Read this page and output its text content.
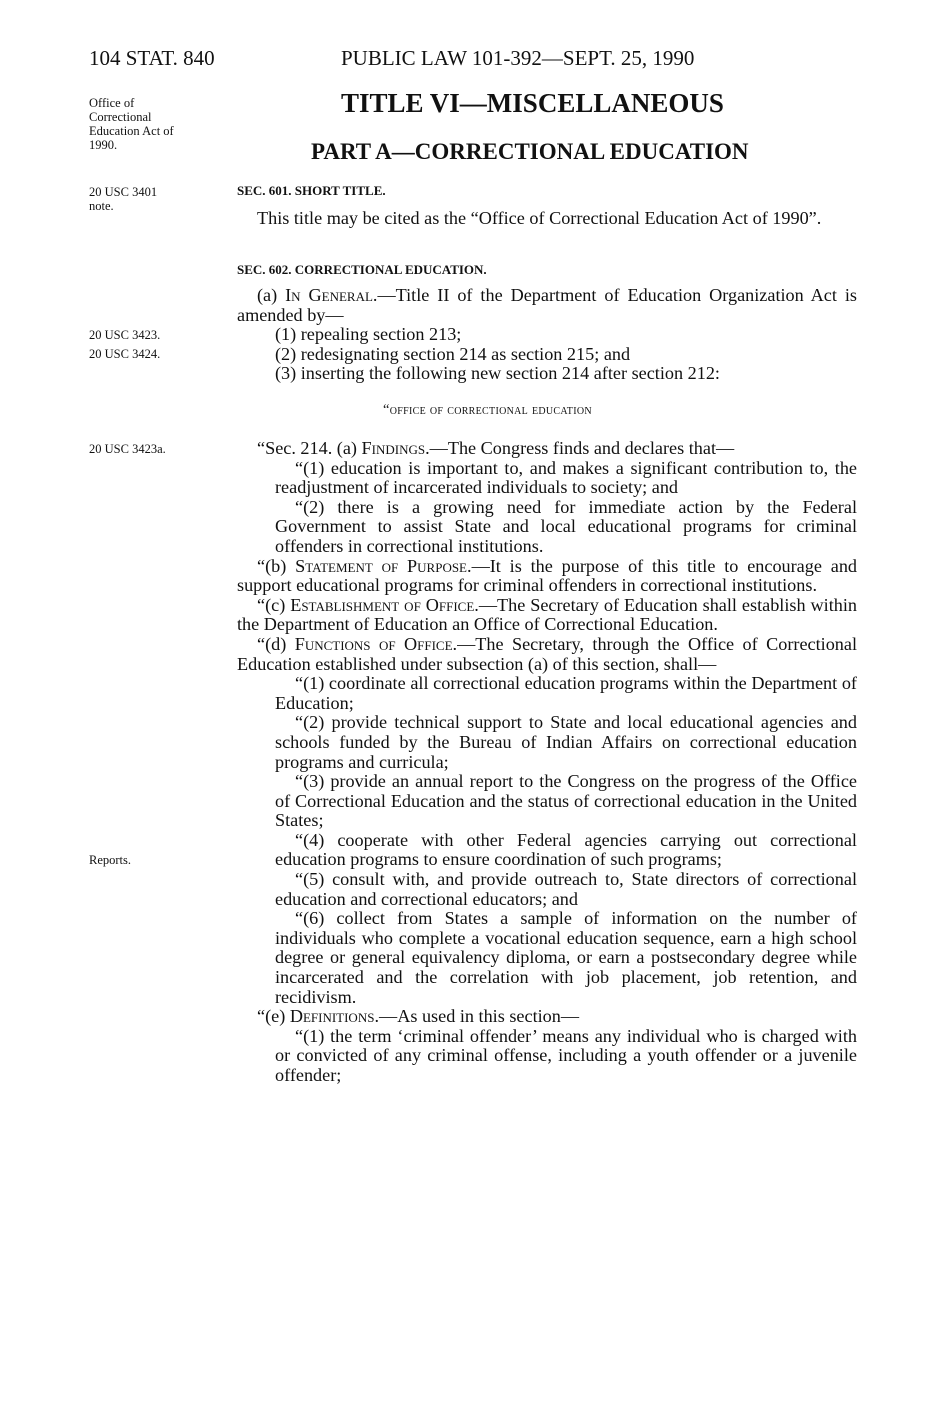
104 STAT. 840	PUBLIC LAW 101-392—SEPT. 25, 1990
TITLE VI—MISCELLANEOUS
PART A—CORRECTIONAL EDUCATION
Office of
Correctional
Education Act of
1990.
20 USC 3401
note.
20 USC 3423.
20 USC 3424.
20 USC 3423a.
Reports.
SEC. 601. SHORT TITLE.

This title may be cited as the “Office of Correctional Education Act of 1990”.

SEC. 602. CORRECTIONAL EDUCATION.

(a) In General.—Title II of the Department of Education Organization Act is amended by—

(1) repealing section 213;

(2) redesignating section 214 as section 215; and

(3) inserting the following new section 214 after section 212:

“office of correctional education

“Sec. 214. (a) Findings.—The Congress finds and declares that—

“(1) education is important to, and makes a significant contribution to, the readjustment of incarcerated individuals to society; and

“(2) there is a growing need for immediate action by the Federal Government to assist State and local educational programs for criminal offenders in correctional institutions.

“(b) Statement of Purpose.—It is the purpose of this title to encourage and support educational programs for criminal offenders in correctional institutions.

“(c) Establishment of Office.—The Secretary of Education shall establish within the Department of Education an Office of Correctional Education.

“(d) Functions of Office.—The Secretary, through the Office of Correctional Education established under subsection (a) of this section, shall—

“(1) coordinate all correctional education programs within the Department of Education;

“(2) provide technical support to State and local educational agencies and schools funded by the Bureau of Indian Affairs on correctional education programs and curricula;

“(3) provide an annual report to the Congress on the progress of the Office of Correctional Education and the status of correctional education in the United States;

“(4) cooperate with other Federal agencies carrying out correctional education programs to ensure coordination of such programs;

“(5) consult with, and provide outreach to, State directors of correctional education and correctional educators; and

“(6) collect from States a sample of information on the number of individuals who complete a vocational education sequence, earn a high school degree or general equivalency diploma, or earn a postsecondary degree while incarcerated and the correlation with job placement, job retention, and recidivism.

“(e) Definitions.—As used in this section—

“(1) the term ‘criminal offender’ means any individual who is charged with or convicted of any criminal offense, including a youth offender or a juvenile offender;
